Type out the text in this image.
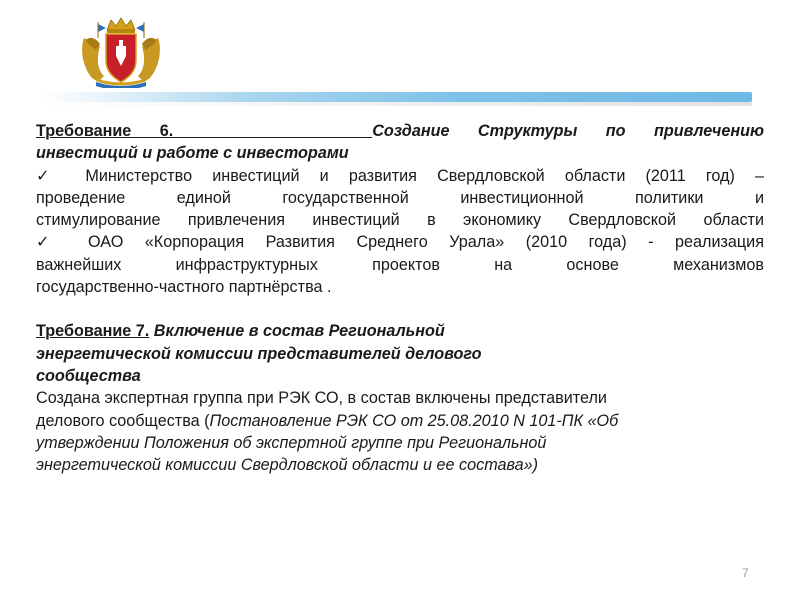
Требование 6.	Создание Структуры по привлечению

инвестиций и работе с инвесторами

✓ Министерство инвестиций и развития Свердловской области (2011 год) –

проведение единой государственной инвестиционной политики и

стимулирование привлечения инвестиций в экономику Свердловской области

✓ ОАО «Корпорация Развития Среднего Урала» (2010 года) - реализация

важнейших инфраструктурных проектов на основе механизмов

государственно-частного партнёрства .

Требование 7. Включение в состав Региональной

энергетической комиссии представителей делового

сообщества

Создана экспертная группа при РЭК СО, в состав включены представители

делового сообщества (Постановление РЭК СО от 25.08.2010 N 101-ПК «Об

утверждении Положения об экспертной группе при Региональной

энергетической комиссии Свердловской области и ее состава»)

7
